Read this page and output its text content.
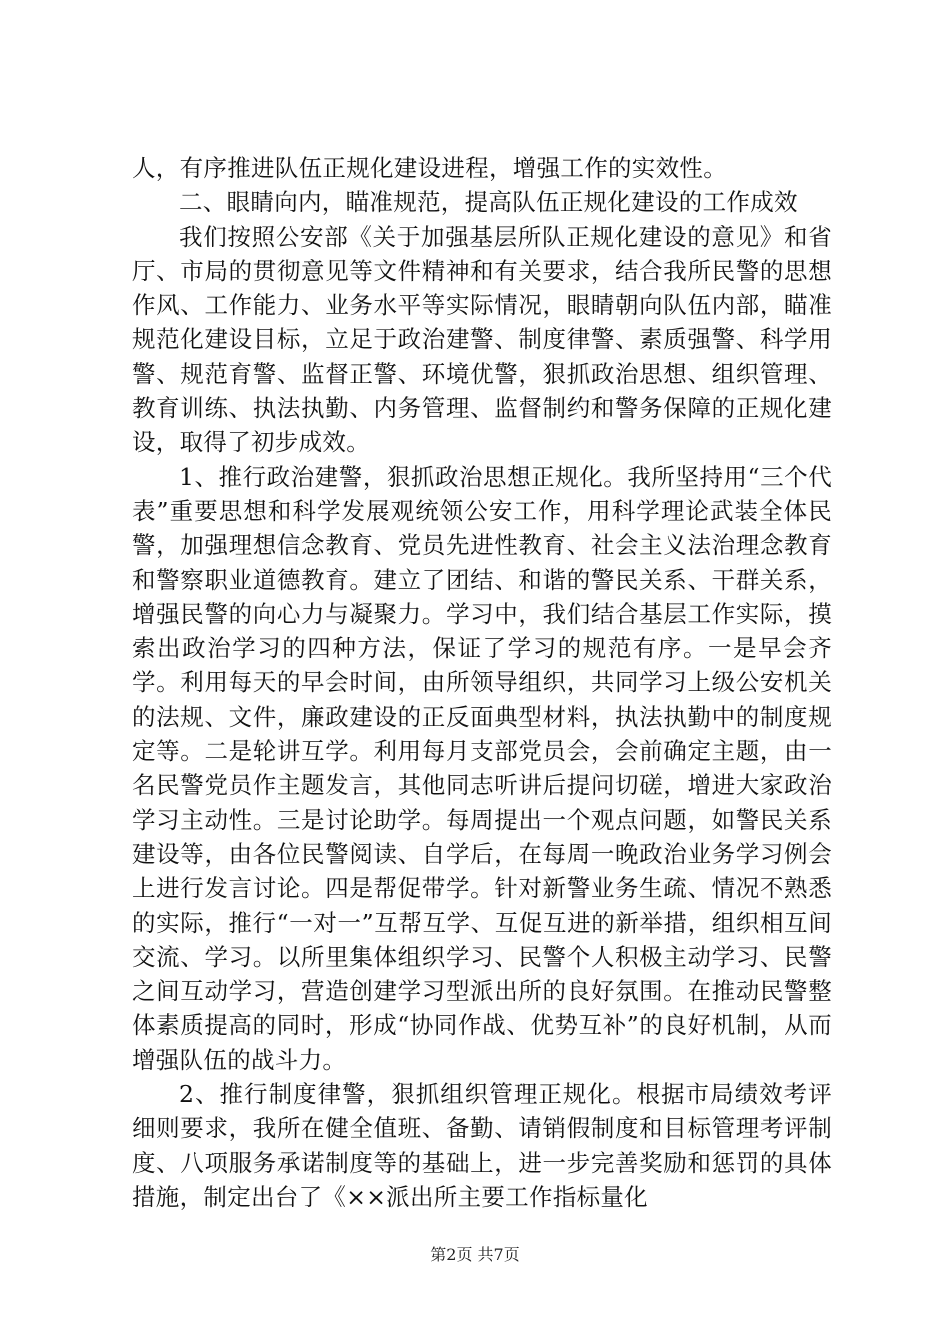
人，有序推进队伍正规化建设进程，增强工作的实效性。

二、眼睛向内，瞄准规范，提高队伍正规化建设的工作成效

我们按照公安部《关于加强基层所队正规化建设的意见》和省厅、市局的贯彻意见等文件精神和有关要求，结合我所民警的思想作风、工作能力、业务水平等实际情况，眼睛朝向队伍内部，瞄准规范化建设目标，立足于政治建警、制度律警、素质强警、科学用警、规范育警、监督正警、环境优警，狠抓政治思想、组织管理、教育训练、执法执勤、内务管理、监督制约和警务保障的正规化建设，取得了初步成效。

1、推行政治建警，狠抓政治思想正规化。我所坚持用“三个代表”重要思想和科学发展观统领公安工作，用科学理论武装全体民警，加强理想信念教育、党员先进性教育、社会主义法治理念教育和警察职业道德教育。建立了团结、和谐的警民关系、干群关系，增强民警的向心力与凝聚力。学习中，我们结合基层工作实际，摸索出政治学习的四种方法，保证了学习的规范有序。一是早会齐学。利用每天的早会时间，由所领导组织，共同学习上级公安机关的法规、文件，廉政建设的正反面典型材料，执法执勤中的制度规定等。二是轮讲互学。利用每月支部党员会，会前确定主题，由一名民警党员作主题发言，其他同志听讲后提问切磋，增进大家政治学习主动性。三是讨论助学。每周提出一个观点问题，如警民关系建设等，由各位民警阅读、自学后，在每周一晚政治业务学习例会上进行发言讨论。四是帮促带学。针对新警业务生疏、情况不熟悉的实际，推行“一对一”互帮互学、互促互进的新举措，组织相互间交流、学习。以所里集体组织学习、民警个人积极主动学习、民警之间互动学习，营造创建学习型派出所的良好氛围。在推动民警整体素质提高的同时，形成“协同作战、优势互补”的良好机制，从而增强队伍的战斗力。

2、推行制度律警，狠抓组织管理正规化。根据市局绩效考评细则要求，我所在健全值班、备勤、请销假制度和目标管理考评制度、八项服务承诺制度等的基础上，进一步完善奖励和惩罚的具体措施，制定出台了《××派出所主要工作指标量化

第2页 共7页
